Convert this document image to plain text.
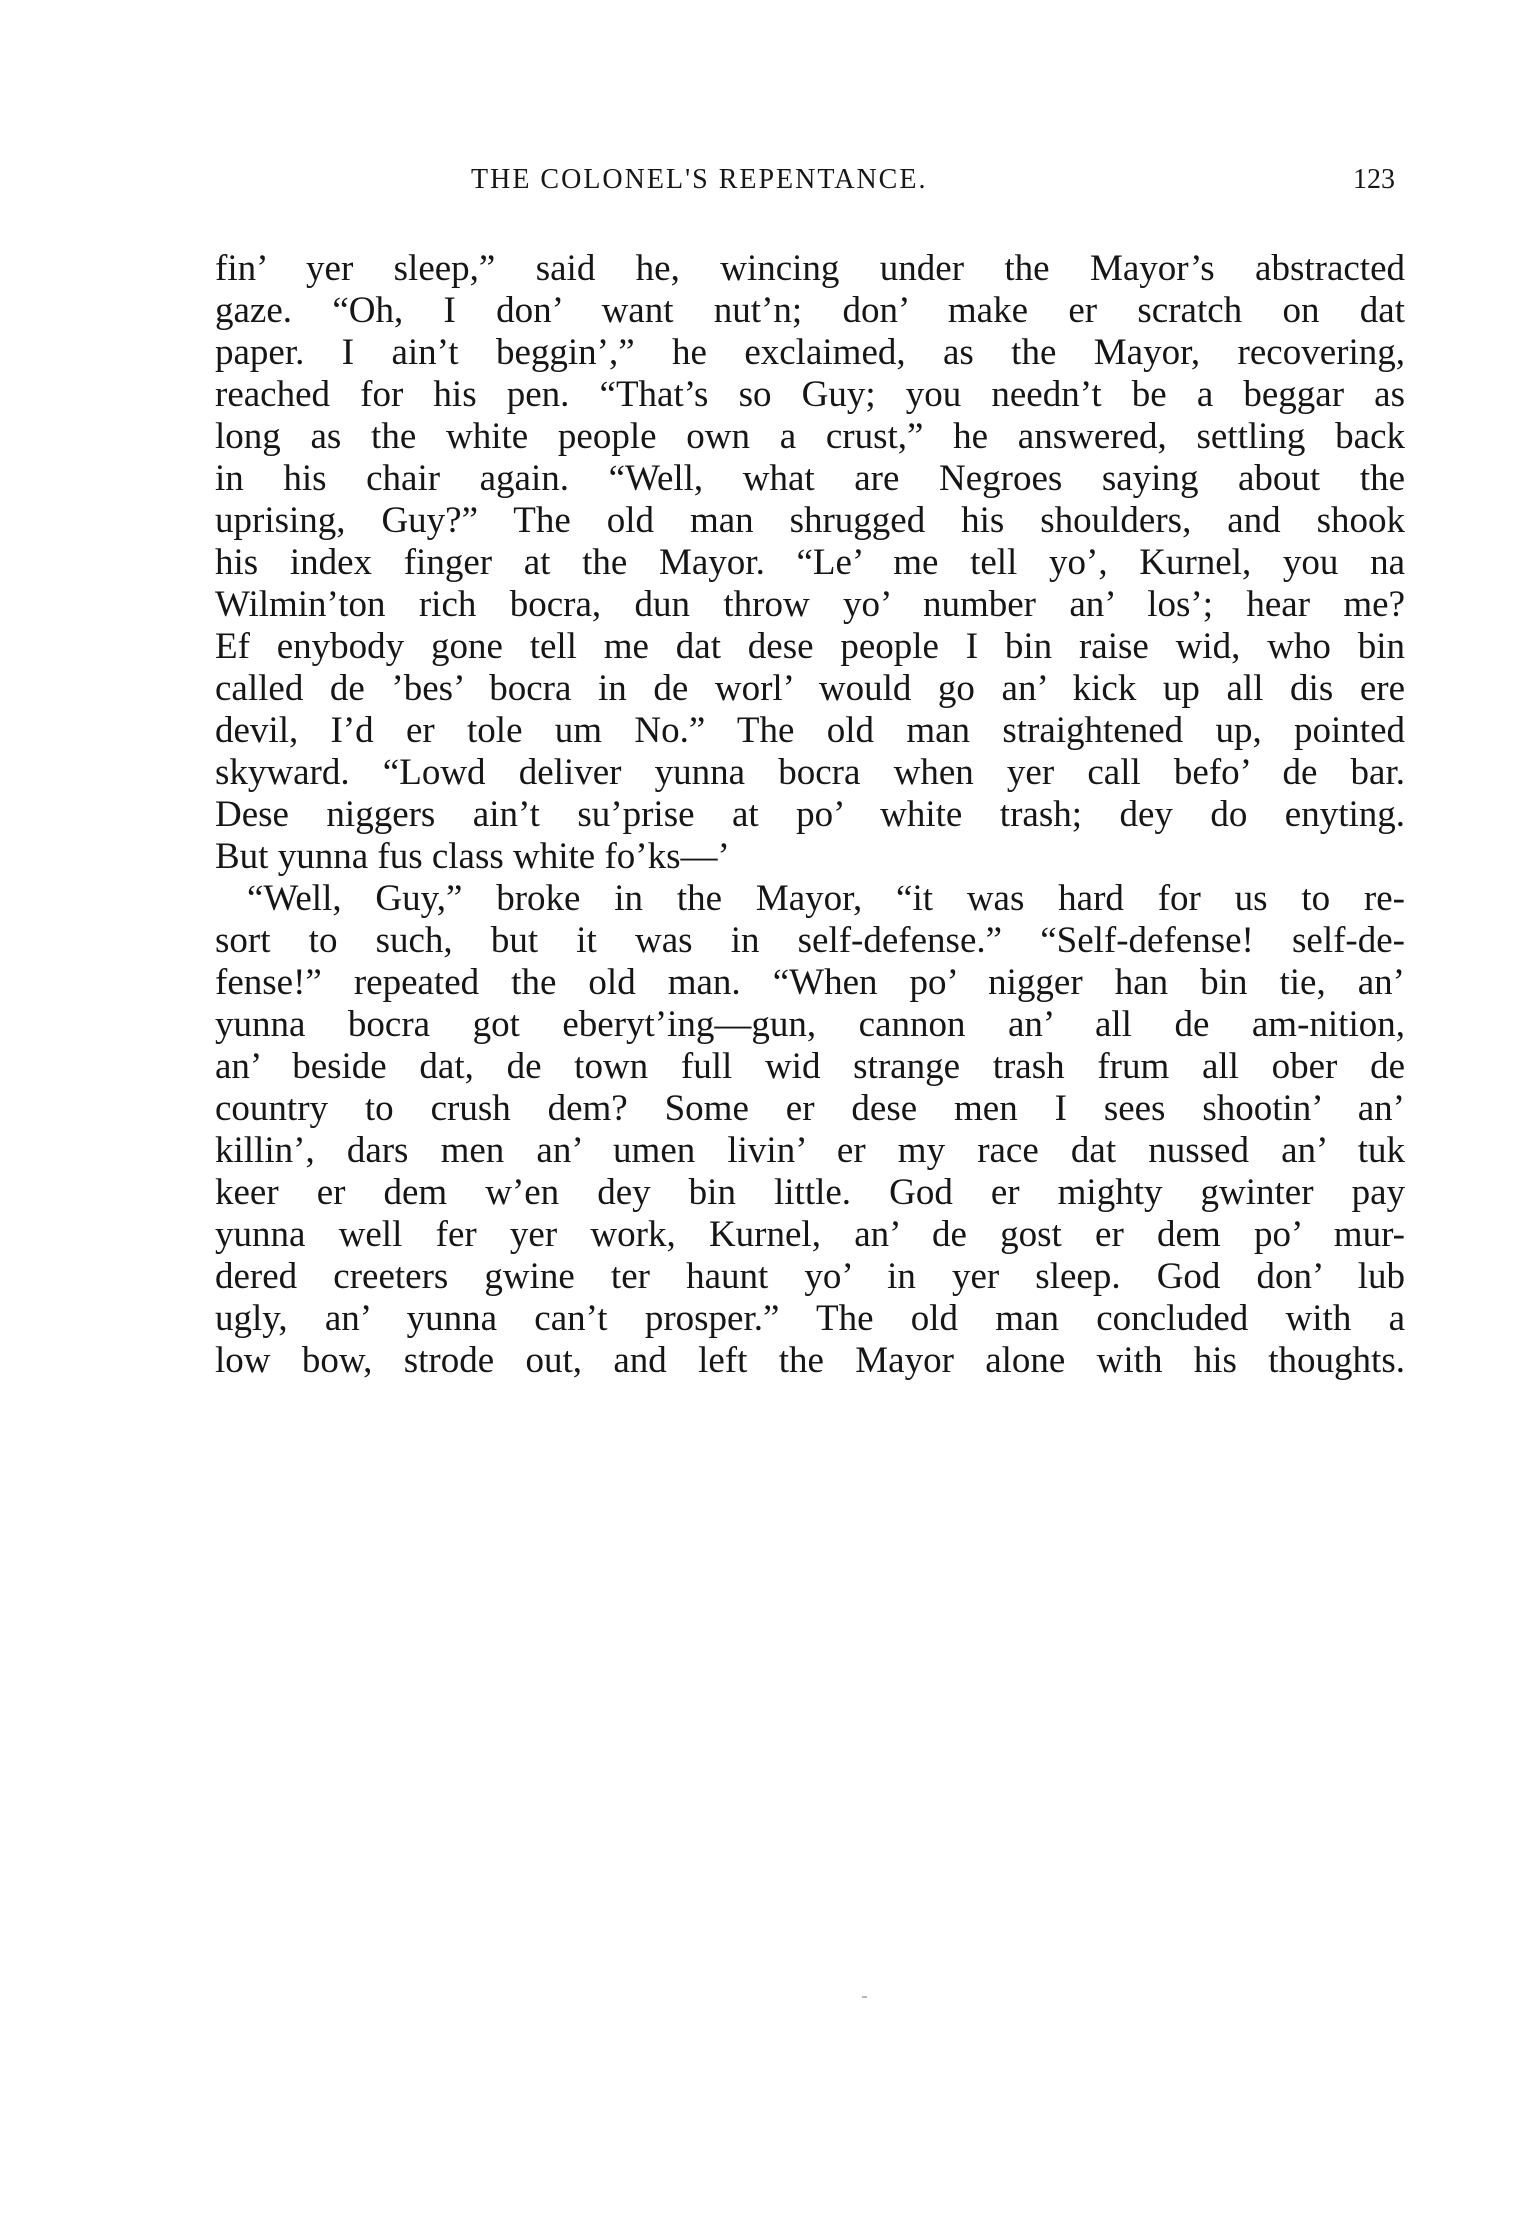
THE COLONEL'S REPENTANCE.	123
fin’ yer sleep,” said he, wincing under the Mayor’s abstracted
gaze. “Oh, I don’ want nut’n; don’ make er scratch on dat
paper. I ain’t beggin’,” he exclaimed, as the Mayor, recovering,
reached for his pen. “That’s so Guy; you needn’t be a beggar as
long as the white people own a crust,” he answered, settling back
in his chair again. “Well, what are Negroes saying about the
uprising, Guy?” The old man shrugged his shoulders, and shook
his index finger at the Mayor. “Le’ me tell yo’, Kurnel, you na
Wilmin’ton rich bocra, dun throw yo’ number an’ los’; hear me?
Ef enybody gone tell me dat dese people I bin raise wid, who bin
called de ’bes’ bocra in de worl’ would go an’ kick up all dis ere
devil, I’d er tole um No.” The old man straightened up, pointed
skyward. “Lowd deliver yunna bocra when yer call befo’ de bar.
Dese niggers ain’t su’prise at po’ white trash; dey do enyting.
But yunna fus class white fo’ks—’
“Well, Guy,” broke in the Mayor, “it was hard for us to re-
sort to such, but it was in self-defense.” “Self-defense! self-de-
fense!” repeated the old man. “When po’ nigger han bin tie, an’
yunna bocra got eberyt’ing—gun, cannon an’ all de am-nition,
an’ beside dat, de town full wid strange trash frum all ober de
country to crush dem? Some er dese men I sees shootin’ an’
killin’, dars men an’ umen livin’ er my race dat nussed an’ tuk
keer er dem w’en dey bin little. God er mighty gwinter pay
yunna well fer yer work, Kurnel, an’ de gost er dem po’ mur-
dered creeters gwine ter haunt yo’ in yer sleep. God don’ lub
ugly, an’ yunna can’t prosper.” The old man concluded with a
low bow, strode out, and left the Mayor alone with his thoughts.
